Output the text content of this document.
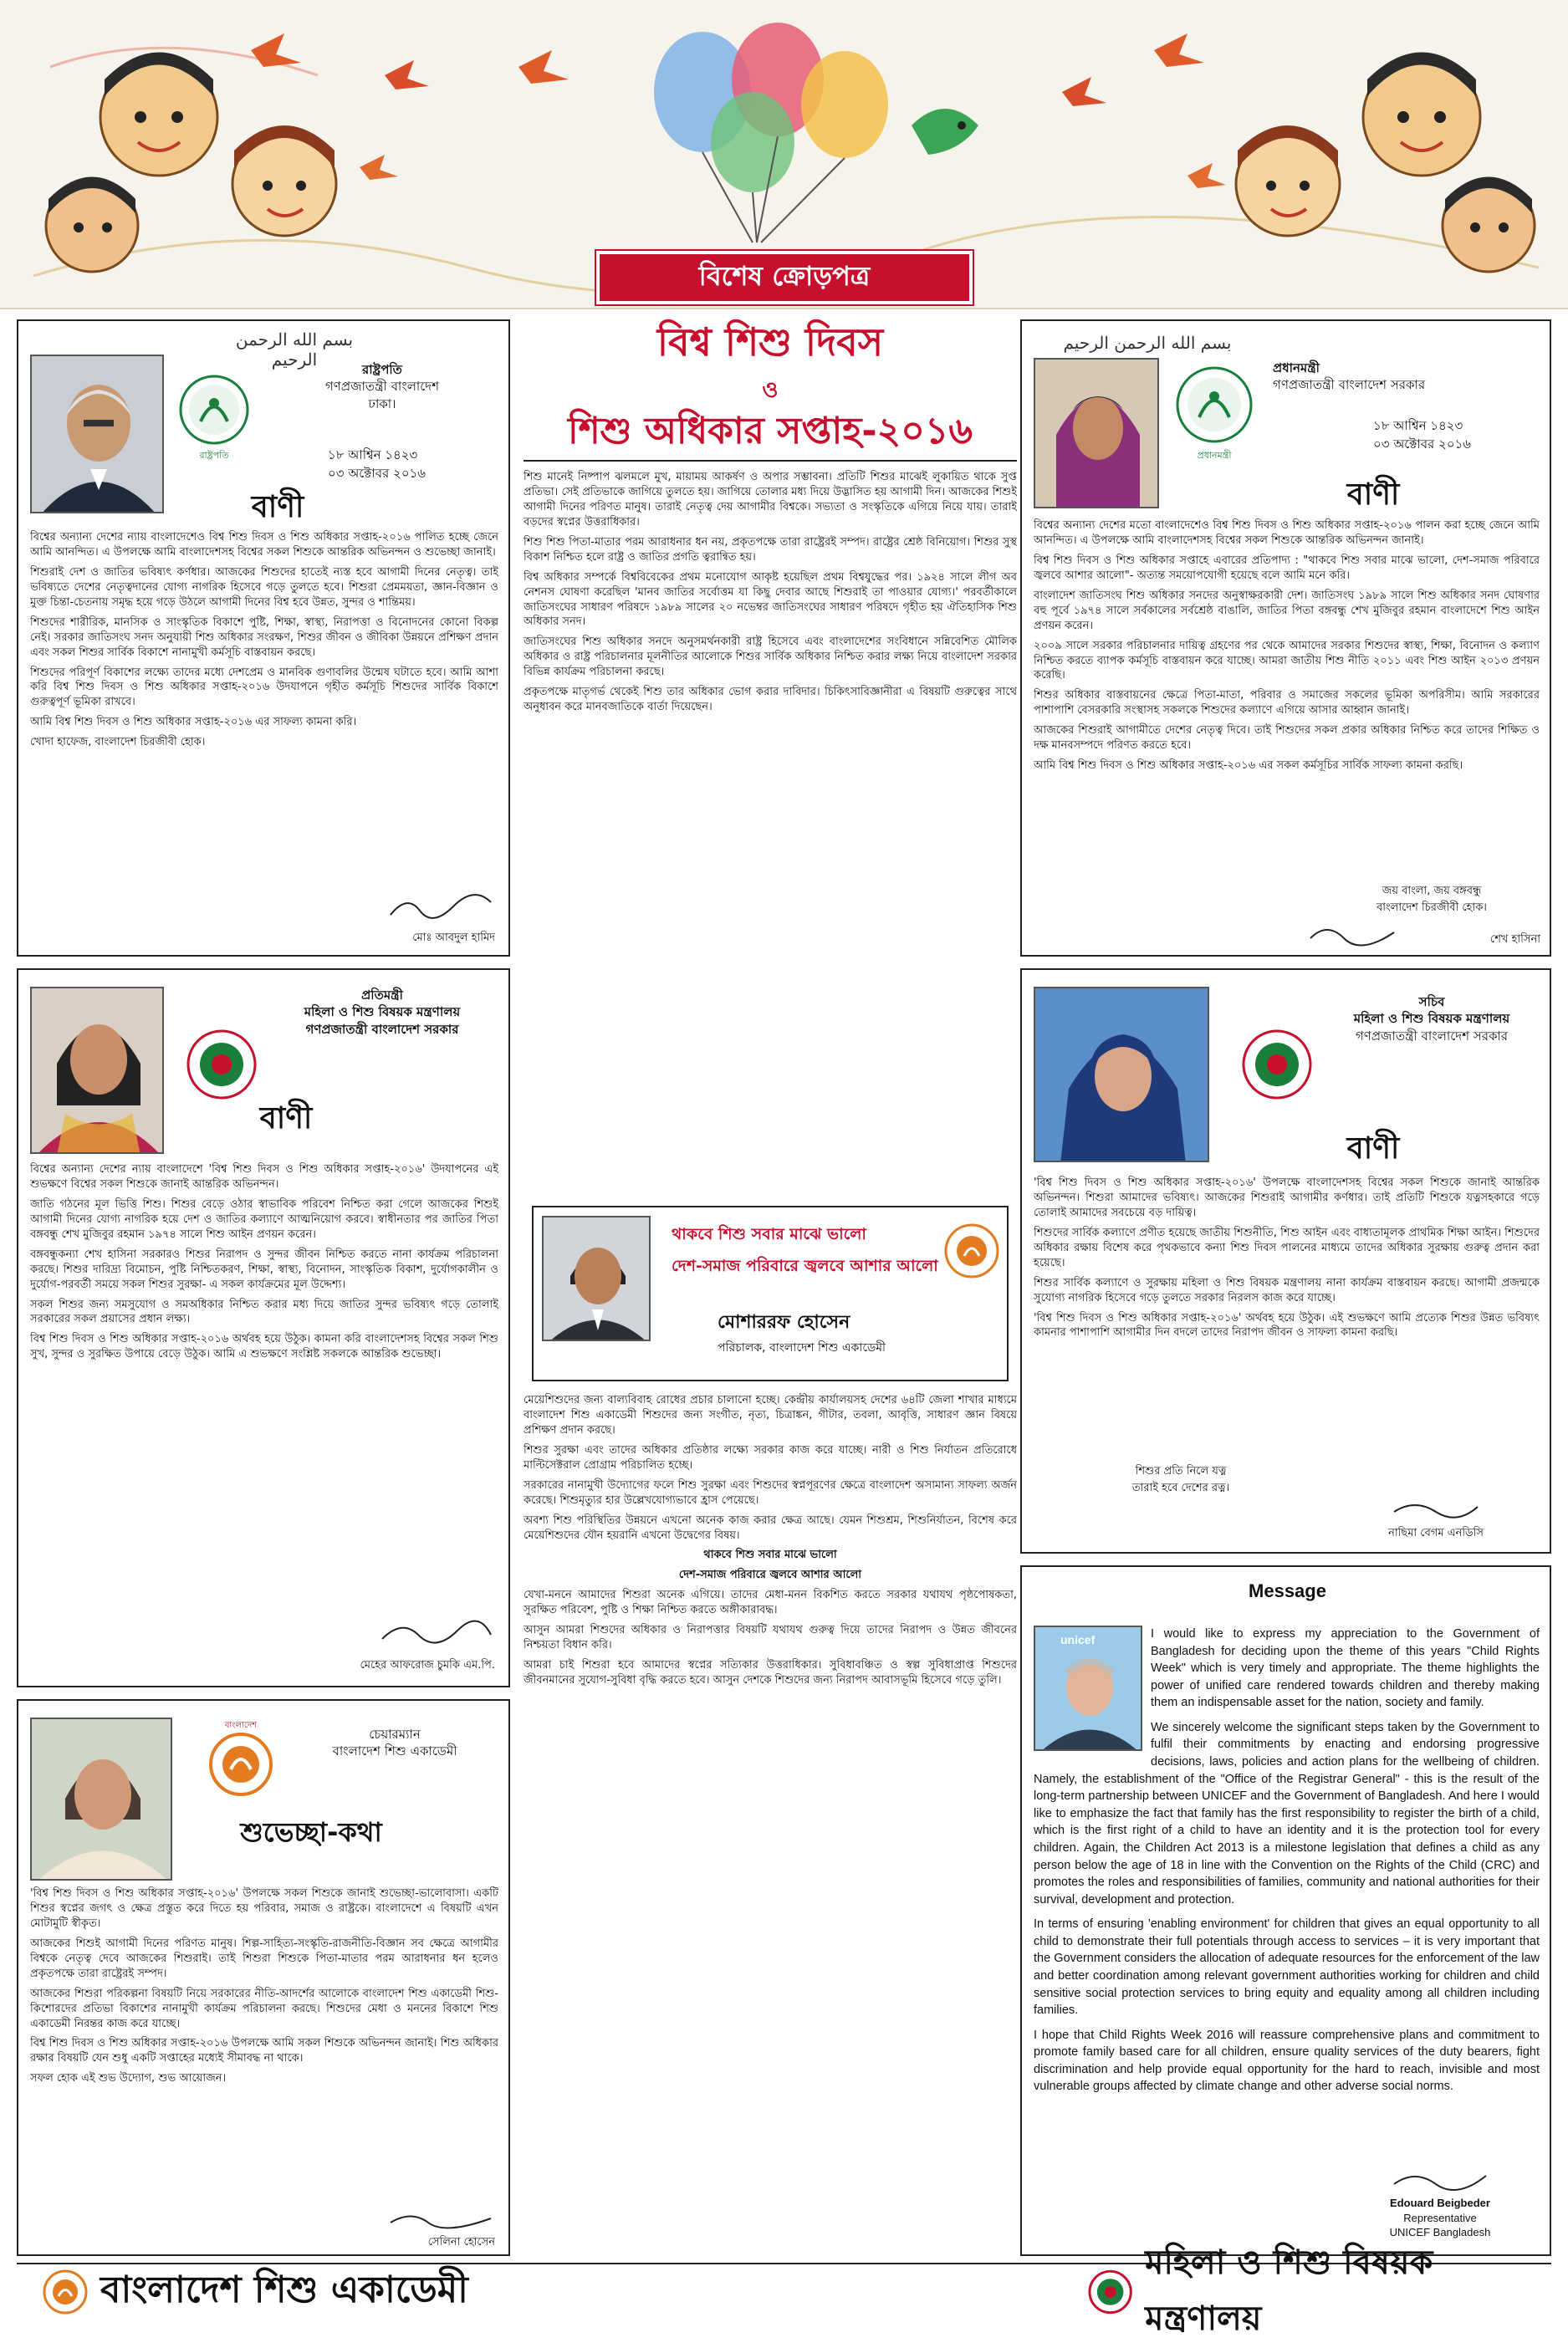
বিশেষ ক্রোড়পত্র
بسم الله الرحمن الرحيم
রাষ্ট্রপতি
রাষ্ট্রপতি
গণপ্রজাতন্ত্রী বাংলাদেশ
ঢাকা।
১৮ আশ্বিন ১৪২৩
০৩ অক্টোবর ২০১৬
বাণী

বিশ্বের অন্যান্য দেশের ন্যায় বাংলাদেশেও বিশ্ব শিশু দিবস ও শিশু অধিকার সপ্তাহ-২০১৬ পালিত হচ্ছে জেনে আমি আনন্দিত। এ উপলক্ষে আমি বাংলাদেশসহ বিশ্বের সকল শিশুকে আন্তরিক অভিনন্দন ও শুভেচ্ছা জানাই।

শিশুরাই দেশ ও জাতির ভবিষ্যৎ কর্ণধার। আজকের শিশুদের হাতেই ন্যস্ত হবে আগামী দিনের নেতৃত্ব। তাই ভবিষ্যতে দেশের নেতৃত্বদানের যোগ্য নাগরিক হিসেবে গড়ে তুলতে হবে। শিশুরা প্রেমময়তা, জ্ঞান-বিজ্ঞান ও মুক্ত চিন্তা-চেতনায় সমৃদ্ধ হয়ে গড়ে উঠলে আগামী দিনের বিশ্ব হবে উন্নত, সুন্দর ও শান্তিময়।

শিশুদের শারীরিক, মানসিক ও সাংস্কৃতিক বিকাশে পুষ্টি, শিক্ষা, স্বাস্থ্য, নিরাপত্তা ও বিনোদনের কোনো বিকল্প নেই। সরকার জাতিসংঘ সনদ অনুযায়ী শিশু অধিকার সংরক্ষণ, শিশুর জীবন ও জীবিকা উন্নয়নে প্রশিক্ষণ প্রদান এবং সকল শিশুর সার্বিক বিকাশে নানামুখী কর্মসূচি বাস্তবায়ন করছে।

শিশুদের পরিপূর্ণ বিকাশের লক্ষ্যে তাদের মধ্যে দেশপ্রেম ও মানবিক গুণাবলির উন্মেষ ঘটাতে হবে। আমি আশা করি বিশ্ব শিশু দিবস ও শিশু অধিকার সপ্তাহ-২০১৬ উদযাপনে গৃহীত কর্মসূচি শিশুদের সার্বিক বিকাশে গুরুত্বপূর্ণ ভূমিকা রাখবে।

আমি বিশ্ব শিশু দিবস ও শিশু অধিকার সপ্তাহ-২০১৬ এর সাফল্য কামনা করি।

খোদা হাফেজ, বাংলাদেশ চিরজীবী হোক।

মোঃ আবদুল হামিদ
প্রতিমন্ত্রী
মহিলা ও শিশু বিষয়ক মন্ত্রণালয়
গণপ্রজাতন্ত্রী বাংলাদেশ সরকার
বাণী

বিশ্বের অন্যান্য দেশের ন্যায় বাংলাদেশে 'বিশ্ব শিশু দিবস ও শিশু অধিকার সপ্তাহ-২০১৬' উদযাপনের এই শুভক্ষণে বিশ্বের সকল শিশুকে জানাই আন্তরিক অভিনন্দন।

জাতি গঠনের মূল ভিত্তি শিশু। শিশুর বেড়ে ওঠার স্বাভাবিক পরিবেশ নিশ্চিত করা গেলে আজকের শিশুই আগামী দিনের যোগ্য নাগরিক হয়ে দেশ ও জাতির কল্যাণে আত্মনিয়োগ করবে। স্বাধীনতার পর জাতির পিতা বঙ্গবন্ধু শেখ মুজিবুর রহমান ১৯৭৪ সালে শিশু আইন প্রণয়ন করেন।

বঙ্গবন্ধুকন্যা শেখ হাসিনা সরকারও শিশুর নিরাপদ ও সুন্দর জীবন নিশ্চিত করতে নানা কার্যক্রম পরিচালনা করছে। শিশুর দারিদ্র্য বিমোচন, পুষ্টি নিশ্চিতকরণ, শিক্ষা, স্বাস্থ্য, বিনোদন, সাংস্কৃতিক বিকাশ, দুর্যোগকালীন ও দুর্যোগ-পরবর্তী সময়ে সকল শিশুর সুরক্ষা- এ সকল কার্যক্রমের মূল উদ্দেশ্য।

সকল শিশুর জন্য সমসুযোগ ও সমঅধিকার নিশ্চিত করার মধ্য দিয়ে জাতির সুন্দর ভবিষ্যৎ গড়ে তোলাই সরকারের সকল প্রয়াসের প্রধান লক্ষ্য।

বিশ্ব শিশু দিবস ও শিশু অধিকার সপ্তাহ-২০১৬ অর্থবহ হয়ে উঠুক। কামনা করি বাংলাদেশসহ বিশ্বের সকল শিশু সুখ, সুন্দর ও সুরক্ষিত উপায়ে বেড়ে উঠুক। আমি এ শুভক্ষণে সংশ্লিষ্ট সকলকে আন্তরিক শুভেচ্ছা।

মেহের আফরোজ চুমকি এম.পি.
বাংলাদেশ
চেয়ারম্যান
বাংলাদেশ শিশু একাডেমী
শুভেচ্ছা-কথা

'বিশ্ব শিশু দিবস ও শিশু অধিকার সপ্তাহ-২০১৬' উপলক্ষে সকল শিশুকে জানাই শুভেচ্ছা-ভালোবাসা। একটি শিশুর স্বপ্নের জগৎ ও ক্ষেত্র প্রস্তুত করে দিতে হয় পরিবার, সমাজ ও রাষ্ট্রকে। বাংলাদেশে এ বিষয়টি এখন মোটামুটি স্বীকৃত।

আজকের শিশুই আগামী দিনের পরিণত মানুষ। শিল্প-সাহিত্য-সংস্কৃতি-রাজনীতি-বিজ্ঞান সব ক্ষেত্রে আগামীর বিশ্বকে নেতৃত্ব দেবে আজকের শিশুরাই। তাই শিশুরা শিশুকে পিতা-মাতার পরম আরাধনার ধন হলেও প্রকৃতপক্ষে তারা রাষ্ট্রেরই সম্পদ।

আজকের শিশুরা পরিকল্পনা বিষয়টি নিয়ে সরকারের নীতি-আদর্শের আলোকে বাংলাদেশ শিশু একাডেমী শিশু-কিশোরদের প্রতিভা বিকাশের নানামুখী কার্যক্রম পরিচালনা করছে। শিশুদের মেধা ও মননের বিকাশে শিশু একাডেমী নিরন্তর কাজ করে যাচ্ছে।

বিশ্ব শিশু দিবস ও শিশু অধিকার সপ্তাহ-২০১৬ উপলক্ষে আমি সকল শিশুকে অভিনন্দন জানাই। শিশু অধিকার রক্ষার বিষয়টি যেন শুধু একটি সপ্তাহের মধ্যেই সীমাবদ্ধ না থাকে।

সফল হোক এই শুভ উদ্যোগ, শুভ আয়োজন।

সেলিনা হোসেন
বিশ্ব শিশু দিবস
ও
শিশু অধিকার সপ্তাহ-২০১৬

শিশু মানেই নিষ্পাপ ঝলমলে মুখ, মায়াময় আকর্ষণ ও অপার সম্ভাবনা। প্রতিটি শিশুর মাঝেই লুকায়িত থাকে সুপ্ত প্রতিভা। সেই প্রতিভাকে জাগিয়ে তুলতে হয়। জাগিয়ে তোলার মধ্য দিয়ে উদ্ভাসিত হয় আগামী দিন। আজকের শিশুই আগামী দিনের পরিণত মানুষ। তারাই নেতৃত্ব দেয় আগামীর বিশ্বকে। সভ্যতা ও সংস্কৃতিকে এগিয়ে নিয়ে যায়। তারাই বড়দের স্বপ্নের উত্তরাধিকার।

শিশু শিশু পিতা-মাতার পরম আরাধনার ধন নয়, প্রকৃতপক্ষে তারা রাষ্ট্রেরই সম্পদ। রাষ্ট্রের শ্রেষ্ঠ বিনিয়োগ। শিশুর সুস্থ বিকাশ নিশ্চিত হলে রাষ্ট্র ও জাতির প্রগতি ত্বরান্বিত হয়।

বিশ্ব অধিকার সম্পর্কে বিশ্ববিবেকের প্রথম মনোযোগ আকৃষ্ট হয়েছিল প্রথম বিশ্বযুদ্ধের পর। ১৯২৪ সালে লীগ অব নেশনস ঘোষণা করেছিল 'মানব জাতির সর্বোত্তম যা কিছু দেবার আছে শিশুরাই তা পাওয়ার যোগ্য।' পরবর্তীকালে জাতিসংঘের সাধারণ পরিষদে ১৯৮৯ সালের ২০ নভেম্বর জাতিসংঘের সাধারণ পরিষদে গৃহীত হয় ঐতিহাসিক শিশু অধিকার সনদ।

জাতিসংঘের শিশু অধিকার সনদে অনুসমর্থনকারী রাষ্ট্র হিসেবে এবং বাংলাদেশের সংবিধানে সন্নিবেশিত মৌলিক অধিকার ও রাষ্ট্র পরিচালনার মূলনীতির আলোকে শিশুর সার্বিক অধিকার নিশ্চিত করার লক্ষ্য নিয়ে বাংলাদেশ সরকার বিভিন্ন কার্যক্রম পরিচালনা করছে।

প্রকৃতপক্ষে মাতৃগর্ভ থেকেই শিশু তার অধিকার ভোগ করার দাবিদার। চিকিৎসাবিজ্ঞানীরা এ বিষয়টি গুরুত্বের সাথে অনুধাবন করে মানবজাতিকে বার্তা দিয়েছেন।

থাকবে শিশু সবার মাঝে ভালো
দেশ-সমাজ পরিবারে জ্বলবে আশার আলো
মোশাররফ হোসেন
পরিচালক, বাংলাদেশ শিশু একাডেমী

মেয়েশিশুদের জন্য বাল্যবিবাহ রোধের প্রচার চালানো হচ্ছে। কেন্দ্রীয় কার্যালয়সহ দেশের ৬৪টি জেলা শাখার মাধ্যমে বাংলাদেশ শিশু একাডেমী শিশুদের জন্য সংগীত, নৃত্য, চিত্রাঙ্কন, গীটার, তবলা, আবৃত্তি, সাধারণ জ্ঞান বিষয়ে প্রশিক্ষণ প্রদান করছে।

শিশুর সুরক্ষা এবং তাদের অধিকার প্রতিষ্ঠার লক্ষ্যে সরকার কাজ করে যাচ্ছে। নারী ও শিশু নির্যাতন প্রতিরোধে মাল্টিসেক্টরাল প্রোগ্রাম পরিচালিত হচ্ছে।

সরকারের নানামুখী উদ্যোগের ফলে শিশু সুরক্ষা এবং শিশুদের স্বপ্নপূরণের ক্ষেত্রে বাংলাদেশ অসামান্য সাফল্য অর্জন করেছে। শিশুমৃত্যুর হার উল্লেখযোগ্যভাবে হ্রাস পেয়েছে।

অবশ্য শিশু পরিস্থিতির উন্নয়নে এখনো অনেক কাজ করার ক্ষেত্র আছে। যেমন শিশুশ্রম, শিশুনির্যাতন, বিশেষ করে মেয়েশিশুদের যৌন হয়রানি এখনো উদ্বেগের বিষয়।

থাকবে শিশু সবার মাঝে ভালো

দেশ-সমাজ পরিবারে জ্বলবে আশার আলো

যেখা-মননে আমাদের শিশুরা অনেক এগিয়ে। তাদের মেধা-মনন বিকশিত করতে সরকার যথাযথ পৃষ্ঠপোষকতা, সুরক্ষিত পরিবেশ, পুষ্টি ও শিক্ষা নিশ্চিত করতে অঙ্গীকারাবদ্ধ।

আসুন আমরা শিশুদের অধিকার ও নিরাপত্তার বিষয়টি যথাযথ গুরুত্ব দিয়ে তাদের নিরাপদ ও উন্নত জীবনের নিশ্চয়তা বিধান করি।

আমরা চাই শিশুরা হবে আমাদের স্বপ্নের সত্যিকার উত্তরাধিকার। সুবিধাবঞ্চিত ও স্বল্প সুবিধাপ্রাপ্ত শিশুদের জীবনমানের সুযোগ-সুবিধা বৃদ্ধি করতে হবে। আসুন দেশকে শিশুদের জন্য নিরাপদ আবাসভূমি হিসেবে গড়ে তুলি।

بسم الله الرحمن الرحيم
প্রধানমন্ত্রী
প্রধানমন্ত্রী
গণপ্রজাতন্ত্রী বাংলাদেশ সরকার
১৮ আশ্বিন ১৪২৩
০৩ অক্টোবর ২০১৬
বাণী

বিশ্বের অন্যান্য দেশের মতো বাংলাদেশেও বিশ্ব শিশু দিবস ও শিশু অধিকার সপ্তাহ-২০১৬ পালন করা হচ্ছে জেনে আমি আনন্দিত। এ উপলক্ষে আমি বাংলাদেশসহ বিশ্বের সকল শিশুকে আন্তরিক অভিনন্দন জানাই।

বিশ্ব শিশু দিবস ও শিশু অধিকার সপ্তাহে এবারের প্রতিপাদ্য : "থাকবে শিশু সবার মাঝে ভালো, দেশ-সমাজ পরিবারে জ্বলবে আশার আলো"- অত্যন্ত সময়োপযোগী হয়েছে বলে আমি মনে করি।

বাংলাদেশ জাতিসংঘ শিশু অধিকার সনদের অনুস্বাক্ষরকারী দেশ। জাতিসংঘ ১৯৮৯ সালে শিশু অধিকার সনদ ঘোষণার বহু পূর্বে ১৯৭৪ সালে সর্বকালের সর্বশ্রেষ্ঠ বাঙালি, জাতির পিতা বঙ্গবন্ধু শেখ মুজিবুর রহমান বাংলাদেশে শিশু আইন প্রণয়ন করেন।

২০০৯ সালে সরকার পরিচালনার দায়িত্ব গ্রহণের পর থেকে আমাদের সরকার শিশুদের স্বাস্থ্য, শিক্ষা, বিনোদন ও কল্যাণ নিশ্চিত করতে ব্যাপক কর্মসূচি বাস্তবায়ন করে যাচ্ছে। আমরা জাতীয় শিশু নীতি ২০১১ এবং শিশু আইন ২০১৩ প্রণয়ন করেছি।

শিশুর অধিকার বাস্তবায়নের ক্ষেত্রে পিতা-মাতা, পরিবার ও সমাজের সকলের ভূমিকা অপরিসীম। আমি সরকারের পাশাপাশি বেসরকারি সংস্থাসহ সকলকে শিশুদের কল্যাণে এগিয়ে আসার আহ্বান জানাই।

আজকের শিশুরাই আগামীতে দেশের নেতৃত্ব দিবে। তাই শিশুদের সকল প্রকার অধিকার নিশ্চিত করে তাদের শিক্ষিত ও দক্ষ মানবসম্পদে পরিণত করতে হবে।

আমি বিশ্ব শিশু দিবস ও শিশু অধিকার সপ্তাহ-২০১৬ এর সকল কর্মসূচির সার্বিক সাফল্য কামনা করছি।

জয় বাংলা, জয় বঙ্গবন্ধু
বাংলাদেশ চিরজীবী হোক।
শেখ হাসিনা
সচিব
মহিলা ও শিশু বিষয়ক মন্ত্রণালয়
গণপ্রজাতন্ত্রী বাংলাদেশ সরকার
বাণী

'বিশ্ব শিশু দিবস ও শিশু অধিকার সপ্তাহ-২০১৬' উপলক্ষে বাংলাদেশসহ বিশ্বের সকল শিশুকে জানাই আন্তরিক অভিনন্দন। শিশুরা আমাদের ভবিষ্যৎ। আজকের শিশুরাই আগামীর কর্ণধার। তাই প্রতিটি শিশুকে যত্নসহকারে গড়ে তোলাই আমাদের সবচেয়ে বড় দায়িত্ব।

শিশুদের সার্বিক কল্যাণে প্রণীত হয়েছে জাতীয় শিশুনীতি, শিশু আইন এবং বাধ্যতামূলক প্রাথমিক শিক্ষা আইন। শিশুদের অধিকার রক্ষায় বিশেষ করে পৃথকভাবে কন্যা শিশু দিবস পালনের মাধ্যমে তাদের অধিকার সুরক্ষায় গুরুত্ব প্রদান করা হয়েছে।

শিশুর সার্বিক কল্যাণে ও সুরক্ষায় মহিলা ও শিশু বিষয়ক মন্ত্রণালয় নানা কার্যক্রম বাস্তবায়ন করছে। আগামী প্রজন্মকে সুযোগ্য নাগরিক হিসেবে গড়ে তুলতে সরকার নিরলস কাজ করে যাচ্ছে।

'বিশ্ব শিশু দিবস ও শিশু অধিকার সপ্তাহ-২০১৬' অর্থবহ হয়ে উঠুক। এই শুভক্ষণে আমি প্রত্যেক শিশুর উন্নত ভবিষ্যৎ কামনার পাশাপাশি আগামীর দিন বদলে তাদের নিরাপদ জীবন ও সাফল্য কামনা করছি।

শিশুর প্রতি নিলে যত্ন
তারাই হবে দেশের রত্ন।
নাছিমা বেগম এনডিসি
Message
unicef	I would like to express my appreciation to the Government of Bangladesh for deciding upon the theme of this years "Child Rights Week" which is very timely and appropriate. The theme highlights the power of unified care rendered towards children and thereby making them an indispensable asset for the nation, society and family.

We sincerely welcome the significant steps taken by the Government to fulfil their commitments by enacting and endorsing progressive decisions, laws, policies and action plans for the wellbeing of children. Namely, the establishment of the "Office of the Registrar General" - this is the result of the long-term partnership between UNICEF and the Government of Bangladesh. And here I would like to emphasize the fact that family has the first responsibility to register the birth of a child, which is the first right of a child to have an identity and it is the protection tool for every children. Again, the Children Act 2013 is a milestone legislation that defines a child as any person below the age of 18 in line with the Convention on the Rights of the Child (CRC) and promotes the roles and responsibilities of families, community and national authorities for their survival, development and protection.

In terms of ensuring 'enabling environment' for children that gives an equal opportunity to all child to demonstrate their full potentials through access to services – it is very important that the Government considers the allocation of adequate resources for the enforcement of the law and better coordination among relevant government authorities working for children and child sensitive social protection services to bring equity and equality among all children including families.

I hope that Child Rights Week 2016 will reassure comprehensive plans and commitment to promote family based care for all children, ensure quality services of the duty bearers, fight discrimination and help provide equal opportunity for the hard to reach, invisible and most vulnerable groups affected by climate change and other adverse social norms.

Edouard Beigbeder
Representative
UNICEF Bangladesh
বাংলাদেশ শিশু একাডেমী
মহিলা ও শিশু বিষয়ক মন্ত্রণালয়
